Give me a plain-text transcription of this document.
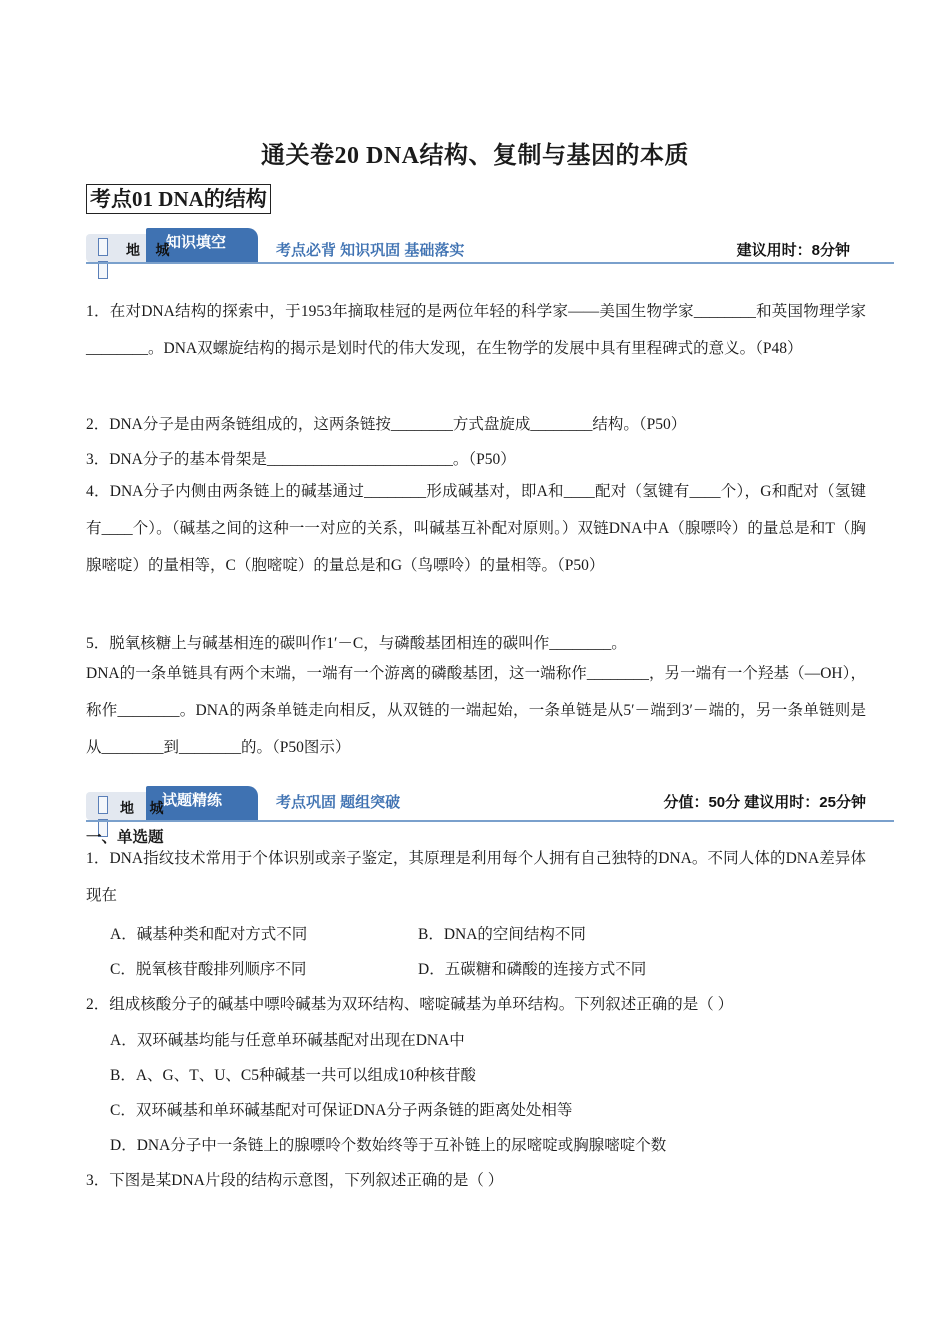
通关卷20 DNA结构、复制与基因的本质
考点01 DNA的结构
知识填空
地 城	考点必背 知识巩固 基础落实	建议用时：8分钟
1．在对DNA结构的探索中，于1953年摘取桂冠的是两位年轻的科学家——美国生物学家________和英国物理学家________。DNA双螺旋结构的揭示是划时代的伟大发现，在生物学的发展中具有里程碑式的意义。（P48）
2．DNA分子是由两条链组成的，这两条链按________方式盘旋成________结构。（P50）
3．DNA分子的基本骨架是________________________。（P50）
4．DNA分子内侧由两条链上的碱基通过________形成碱基对，即A和____配对（氢键有____个），G和配对（氢键有____个）。（碱基之间的这种一一对应的关系，叫碱基互补配对原则。）双链DNA中A（腺嘌呤）的量总是和T（胸腺嘧啶）的量相等，C（胞嘧啶）的量总是和G（鸟嘌呤）的量相等。（P50）
5．脱氧核糖上与碱基相连的碳叫作1′－C，与磷酸基团相连的碳叫作________。
DNA的一条单链具有两个末端，一端有一个游离的磷酸基团，这一端称作________，另一端有一个羟基（—OH），称作________。DNA的两条单链走向相反，从双链的一端起始，一条单链是从5′－端到3′－端的，另一条单链则是从________到________的。（P50图示）
试题精练
地 城	考点巩固 题组突破	分值：50分 建议用时：25分钟
一、单选题
1．DNA指纹技术常用于个体识别或亲子鉴定，其原理是利用每个人拥有自己独特的DNA。不同人体的DNA差异体现在
A．碱基种类和配对方式不同	B．DNA的空间结构不同
C．脱氧核苷酸排列顺序不同	D．五碳糖和磷酸的连接方式不同
2．组成核酸分子的碱基中嘌呤碱基为双环结构、嘧啶碱基为单环结构。下列叙述正确的是（ ）
A．双环碱基均能与任意单环碱基配对出现在DNA中
B．A、G、T、U、C5种碱基一共可以组成10种核苷酸
C．双环碱基和单环碱基配对可保证DNA分子两条链的距离处处相等
D．DNA分子中一条链上的腺嘌呤个数始终等于互补链上的尿嘧啶或胸腺嘧啶个数
3．下图是某DNA片段的结构示意图，下列叙述正确的是（ ）
